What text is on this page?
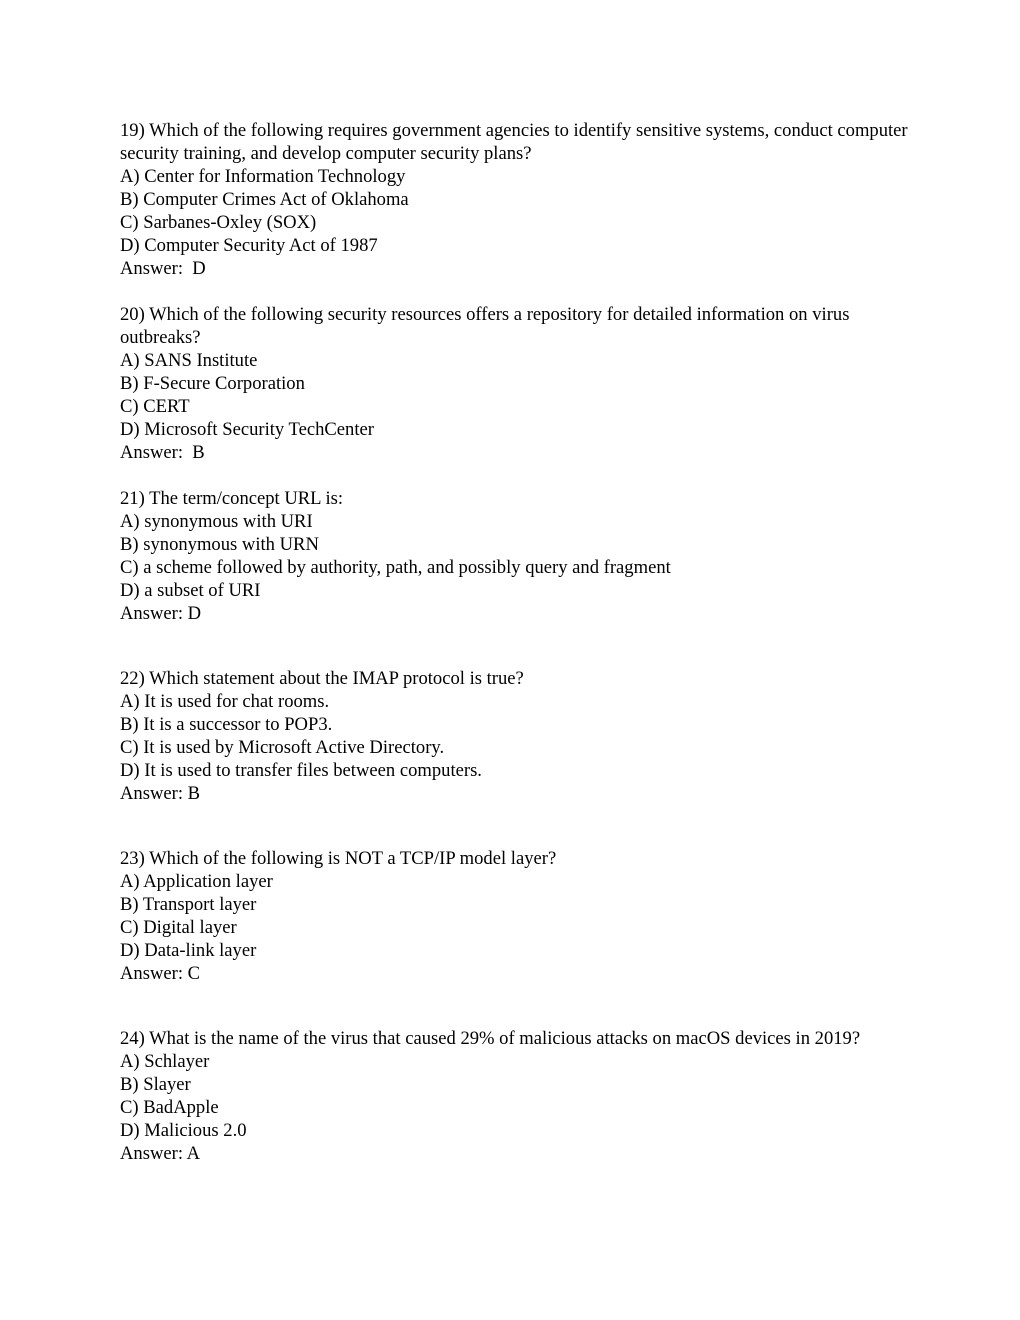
19) Which of the following requires government agencies to identify sensitive systems, conduct computer security training, and develop computer security plans?

A) Center for Information Technology

B) Computer Crimes Act of Oklahoma

C) Sarbanes-Oxley (SOX)

D) Computer Security Act of 1987

Answer:  D

20) Which of the following security resources offers a repository for detailed information on virus outbreaks?

A) SANS Institute

B) F-Secure Corporation

C) CERT

D) Microsoft Security TechCenter

Answer:  B

21) The term/concept URL is:

A) synonymous with URI

B) synonymous with URN

C) a scheme followed by authority, path, and possibly query and fragment

D) a subset of URI

Answer: D

22) Which statement about the IMAP protocol is true?

A) It is used for chat rooms.

B) It is a successor to POP3.

C) It is used by Microsoft Active Directory.

D) It is used to transfer files between computers.

Answer: B

23) Which of the following is NOT a TCP/IP model layer?

A) Application layer

B) Transport layer

C) Digital layer

D) Data-link layer

Answer: C

24) What is the name of the virus that caused 29% of malicious attacks on macOS devices in 2019?

A) Schlayer

B) Slayer

C) BadApple

D) Malicious 2.0

Answer: A
